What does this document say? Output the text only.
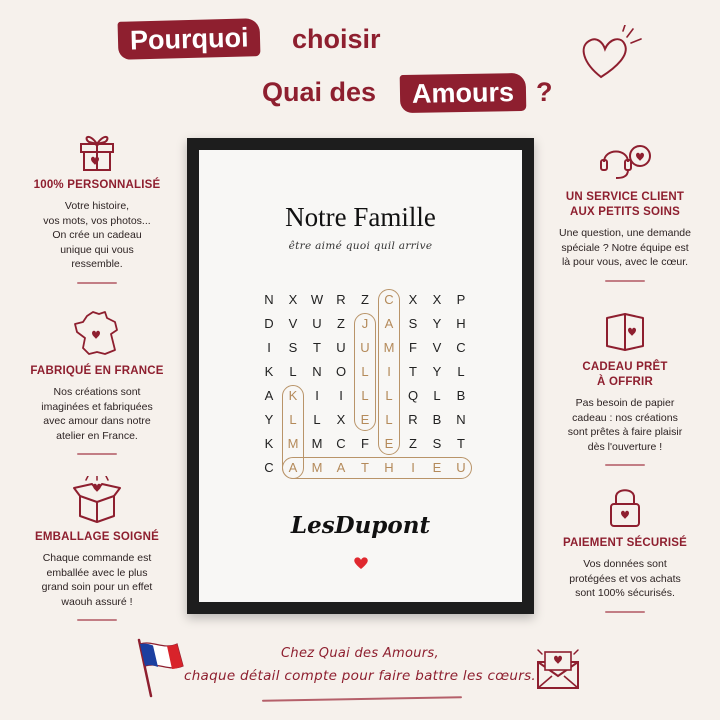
Pourquoi	choisir
Quai des	Amours ?
100% PERSONNALISÉ
Votre histoire,
vos mots, vos photos...
On crée un cadeau
unique qui vous
ressemble.
FABRIQUÉ EN FRANCE
Nos créations sont
imaginées et fabriquées
avec amour dans notre
atelier en France.
EMBALLAGE SOIGNÉ
Chaque commande est
emballée avec le plus
grand soin pour un effet
waouh assuré !
UN SERVICE CLIENT
AUX PETITS SOINS
Une question, une demande
spéciale ? Notre équipe est
là pour vous, avec le cœur.
CADEAU PRÊT
À OFFRIR
Pas besoin de papier
cadeau : nos créations
sont prêtes à faire plaisir
dès l'ouverture !
PAIEMENT SÉCURISÉ
Vos données sont
protégées et vos achats
sont 100% sécurisés.
Notre Famille
être aimé quoi quil arrive
N	X	W	R	Z	C	X	X	P
D	V	U	Z	J	A	S	Y	H
I	S	T	U	U	M	F	V	C
K	L	N	O	L	I	T	Y	L
A	K	I	I	L	L	Q	L	B
Y	L	L	X	E	L	R	B	N
K	M	M	C	F	E	Z	S	T
C	A	M	A	T	H	I	E	U
LesDupont
Chez Quai des Amours,
chaque détail compte pour faire battre les cœurs.
